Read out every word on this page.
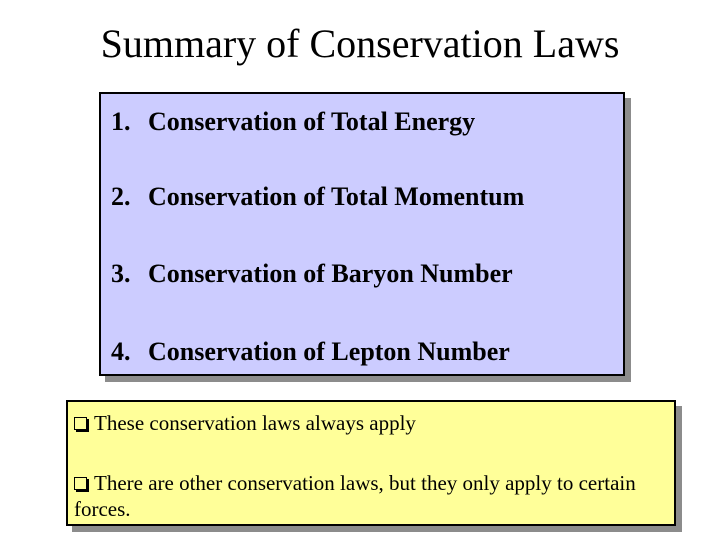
Summary of Conservation Laws
1. Conservation of Total Energy
2. Conservation of Total Momentum
3. Conservation of Baryon Number
4. Conservation of Lepton Number
These conservation laws always apply
There are other conservation laws, but they only apply to certain forces.
